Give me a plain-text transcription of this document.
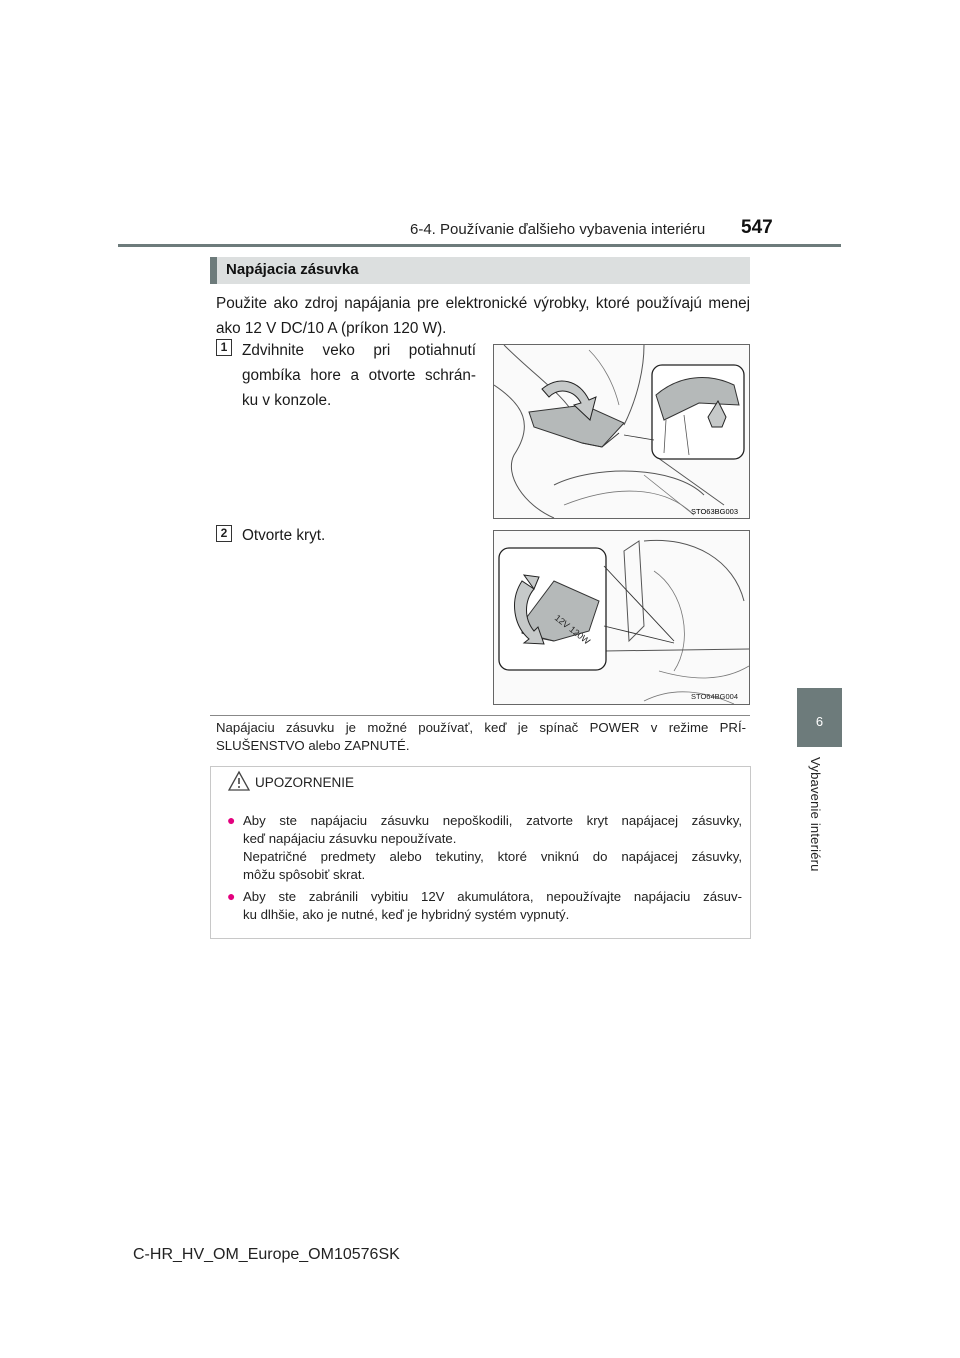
6-4. Používanie ďalšieho vybavenia interiéru 547
6
Vybavenie interiéru
Napájacia zásuvka
Použite ako zdroj napájania pre elektronické výrobky, ktoré používajú menej ako 12 V DC/10 A (príkon 120 W).
1 Zdvihnite veko pri potiahnutí
gombíka hore a otvorte schrán-
ku v konzole.
STO63BG003
2 Otvorte kryt.
12V 120W
STO64BG004
Napájaciu zásuvku je možné používať, keď je spínač POWER v režime PRÍ-
SLUŠENSTVO alebo ZAPNUTÉ.
UPOZORNENIE
● Aby ste napájaciu zásuvku nepoškodili, zatvorte kryt napájacej zásuvky,
keď napájaciu zásuvku nepoužívate.
Nepatričné predmety alebo tekutiny, ktoré vniknú do napájacej zásuvky,
môžu spôsobiť skrat.
● Aby ste zabránili vybitiu 12V akumulátora, nepoužívajte napájaciu zásuv-
ku dlhšie, ako je nutné, keď je hybridný systém vypnutý.
C-HR_HV_OM_Europe_OM10576SK
